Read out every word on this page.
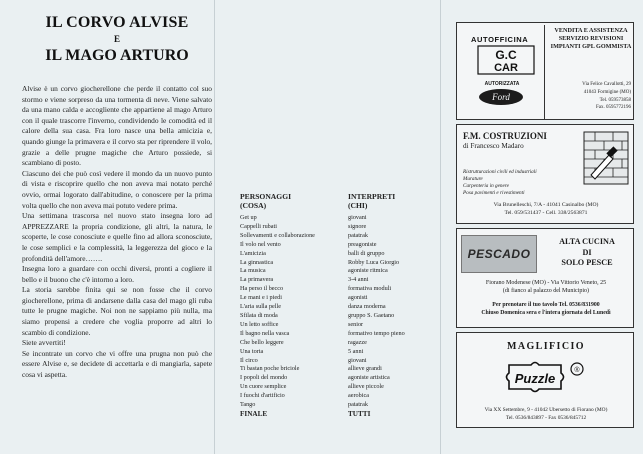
IL CORVO ALVISE
E
IL MAGO ARTURO

Alvise è un corvo giocherellone che perde il contatto col suo stormo e viene sorpreso da una tormenta di neve. Viene salvato da una mano calda e accogliente che appartiene al mago Arturo con il quale trascorre l'inverno, condividendo le comodità ed il calore della sua casa. Fra loro nasce una bella amicizia e, quando giunge la primavera e il corvo sta per riprendere il volo, grazie a delle prugne magiche che Arturo possiede, si scambiano di posto.

Ciascuno dei che può così vedere il mondo da un nuovo punto di vista e riscoprire quello che non aveva mai notato perché ovvio, ormai logorato dall'abitudine, o conoscere per la prima volta quello che non aveva mai potuto vedere prima.

Una settimana trascorsa nel nuovo stato insegna loro ad APPREZZARE la propria condizione, gli altri, la natura, le scoperte, le cose conosciute e quelle fino ad allora sconosciute, le cose semplici e la complessità, la leggerezza del gioco e la profondità dell'amore…….

Insegna loro a guardare con occhi diversi, pronti a cogliere il bello e il buono che c'è intorno a loro.

La storia sarebbe finita qui se non fosse che il corvo giocherellone, prima di andarsene dalla casa del mago gli ruba tutte le prugne magiche. Noi non ne sappiamo più nulla, ma siamo propensi a credere che voglia proporre ad altri lo scambio di condizione.

Siete avvertiti!

Se incontrate un corvo che vi offre una prugna non può che essere Alvise e, se decidete di accettarla e di mangiarla, sapete cosa vi aspetta.

PERSONAGGI
(COSA)
INTERPRETI
(CHI)
Get up	giovani
Cappelli rubati	signore
Sollevamenti e collaborazione	patatrak
Il volo nel vento	preagoniste
L'amicizia	balli di gruppo
La ginnastica	Robby Luca Giorgio
La musica	agoniste ritmica
La primavera	3-4 anni
Ha perso il becco	formativa moduli
Le mani e i piedi	agonisti
L'aria sulla pelle	danza moderna
Sfilata di moda	gruppo S. Gaetano
Un letto soffice	senior
Il bagno nella vasca	formativo tempo pieno
Che bello leggere	ragazze
Una torta	5 anni
Il circo	giovani
Ti bastan poche briciole	allieve grandi
I popoli del mondo	agoniste artistica
Un cuore semplice	allieve piccole
I fuochi d'artificio	aerobica
Tango	patatrak
FINALE	TUTTI
AUTOFFICINA
G.C
CAR
AUTORIZZATA
Ford
VENDITA E ASSISTENZA SERVIZIO REVISIONI IMPIANTI GPL GOMMISTA
Via Felice Cavallotti, 29
41043 Formigine (MO)
Tel. 059573858
Fax. 0595772196
F.M. COSTRUZIONI
di Francesco Madaro
Ristrutturazioni civili ed industriali
Murature
Carpenteria in genere
Posa pavimenti e rivestimenti
Via Brunelleschi, 7/A - 41041 Casinalbo (MO)
Tel. 059/531437 - Cell. 338/2563871
PESCADO
ALTA CUCINA
DI
SOLO PESCE
Fiorano Modenese (MO) - Via Vittorio Veneto, 25
(di fianco al palazzo del Municipio)
Per prenotare il tuo tavolo Tel. 0536/831900
Chiuso Domenica sera e l'intera giornata del Lunedì
MAGLIFICIO
Puzzle
®
Via XX Settembre, 9 - 41042 Ubersetto di Fiorano (MO)
Tel. 0536/843897 - Fax 0536/845712
